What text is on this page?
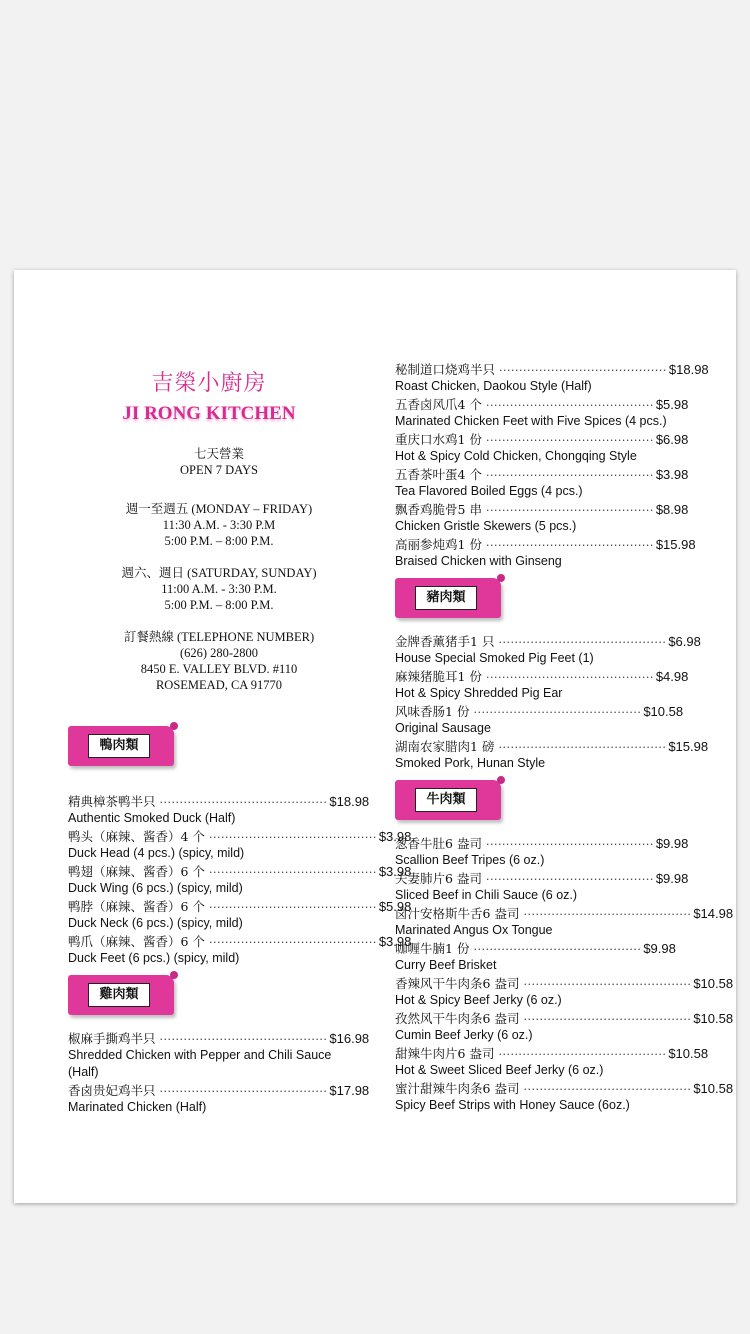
吉榮小廚房
JI RONG KITCHEN
七天營業
OPEN 7 DAYS
週一至週五 (MONDAY – FRIDAY)
11:30 A.M. - 3:30 P.M
5:00 P.M. – 8:00 P.M.
週六、週日 (SATURDAY, SUNDAY)
11:00 A.M. - 3:30 P.M.
5:00 P.M. – 8:00 P.M.
訂餐熱線 (TELEPHONE NUMBER)
(626) 280-2800
8450 E. VALLEY BLVD. #110
ROSEMEAD, CA 91770
鴨肉類
精典樟茶鸭 半只 ·········································· $18.98
Authentic Smoked Duck (Half)
鸭头（麻辣、酱香） 4 个 ·········································· $3.98
Duck Head (4 pcs.) (spicy, mild)
鸭翅（麻辣、酱香） 6 个 ·········································· $3.98
Duck Wing (6 pcs.) (spicy, mild)
鸭脖（麻辣、酱香） 6 个 ·········································· $5.98
Duck Neck (6 pcs.) (spicy, mild)
鸭爪（麻辣、酱香） 6 个 ·········································· $3.98
Duck Feet (6 pcs.) (spicy, mild)
雞肉類
椒麻手撕鸡 半只 ·········································· $16.98
Shredded Chicken with Pepper and Chili Sauce (Half)
香卤贵妃鸡 半只 ·········································· $17.98
Marinated Chicken (Half)
秘制道口烧鸡 半只 ·········································· $18.98
Roast Chicken, Daokou Style (Half)
五香卤风爪 4 个 ·········································· $5.98
Marinated Chicken Feet with Five Spices (4 pcs.)
重庆口水鸡 1 份 ·········································· $6.98
Hot & Spicy Cold Chicken, Chongqing Style
五香茶叶蛋 4 个 ·········································· $3.98
Tea Flavored Boiled Eggs (4 pcs.)
飘香鸡脆骨 5 串 ·········································· $8.98
Chicken Gristle Skewers (5 pcs.)
高丽参炖鸡 1 份 ·········································· $15.98
Braised Chicken with Ginseng
豬肉類
金牌香薰猪手 1 只 ·········································· $6.98
House Special Smoked Pig Feet (1)
麻辣猪脆耳 1 份 ·········································· $4.98
Hot & Spicy Shredded Pig Ear
风味香肠 1 份 ·········································· $10.58
Original Sausage
湖南农家腊肉 1 磅 ·········································· $15.98
Smoked Pork, Hunan Style
牛肉類
葱香牛肚 6 盎司 ·········································· $9.98
Scallion Beef Tripes (6 oz.)
夫妻肺片 6 盎司 ·········································· $9.98
Sliced Beef in Chili Sauce (6 oz.)
卤汁安格斯牛舌 6 盎司 ·········································· $14.98
Marinated Angus Ox Tongue
咖喱牛腩 1 份 ·········································· $9.98
Curry Beef Brisket
香辣风干牛肉条 6 盎司 ·········································· $10.58
Hot & Spicy Beef Jerky (6 oz.)
孜然风干牛肉条 6 盎司 ·········································· $10.58
Cumin Beef Jerky (6 oz.)
甜辣牛肉片 6 盎司 ·········································· $10.58
Hot & Sweet Sliced Beef Jerky (6 oz.)
蜜汁甜辣牛肉条 6 盎司 ·········································· $10.58
Spicy Beef Strips with Honey Sauce (6oz.)
